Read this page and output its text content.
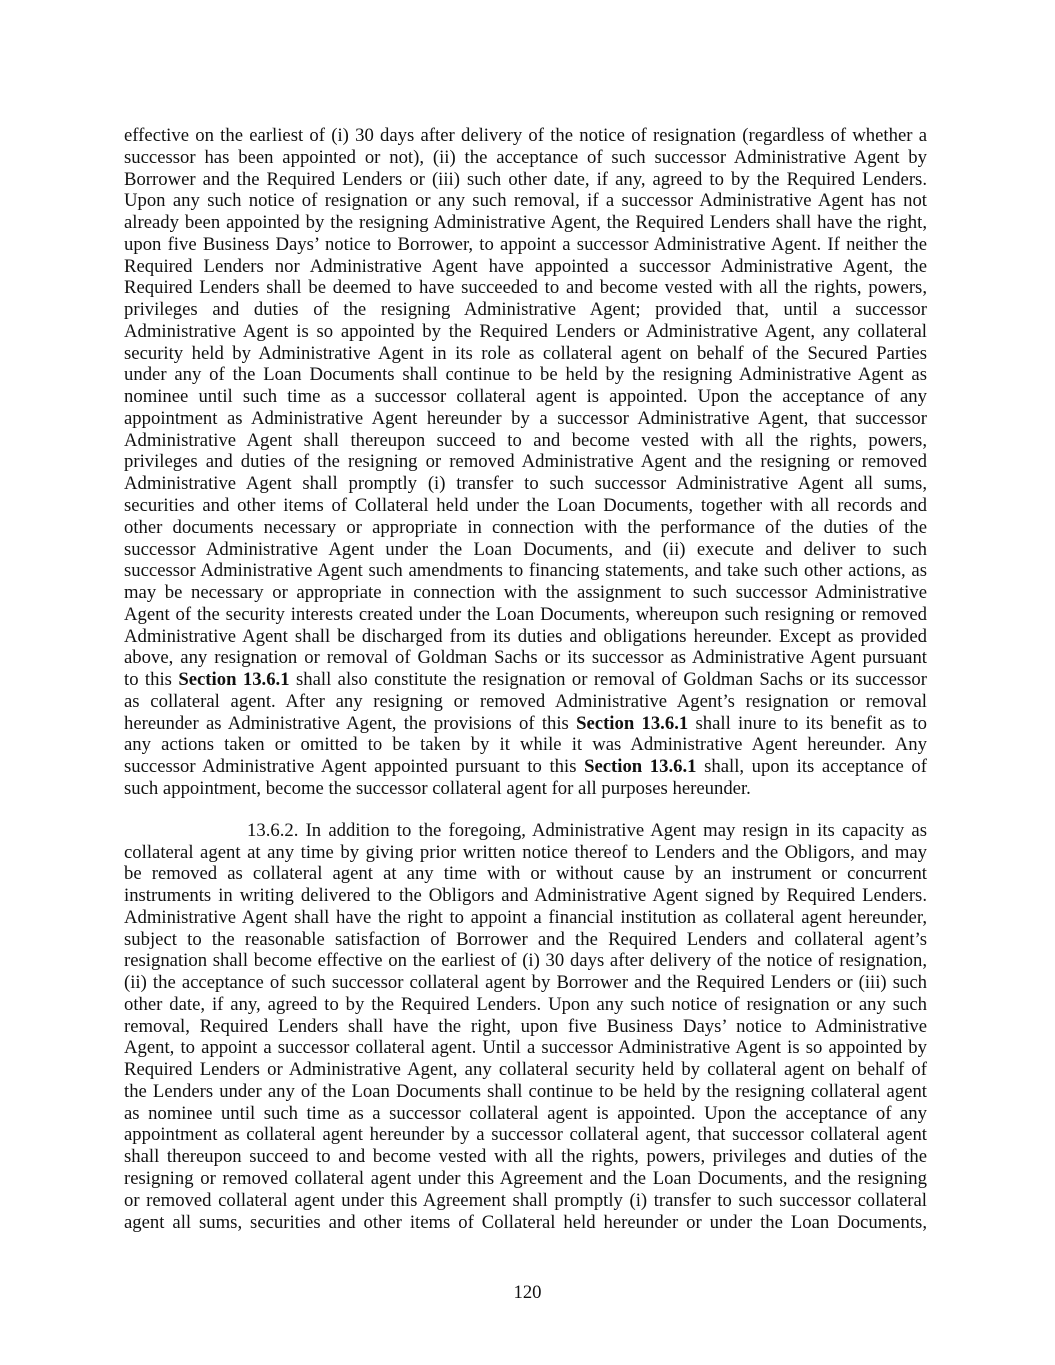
effective on the earliest of (i) 30 days after delivery of the notice of resignation (regardless of whether a
successor has been appointed or not), (ii) the acceptance of such successor Administrative Agent by
Borrower and the Required Lenders or (iii) such other date, if any, agreed to by the Required Lenders.
Upon any such notice of resignation or any such removal, if a successor Administrative Agent has not
already been appointed by the resigning Administrative Agent, the Required Lenders shall have the right,
upon five Business Days’ notice to Borrower, to appoint a successor Administrative Agent. If neither the
Required Lenders nor Administrative Agent have appointed a successor Administrative Agent, the
Required Lenders shall be deemed to have succeeded to and become vested with all the rights, powers,
privileges and duties of the resigning Administrative Agent; provided that, until a successor
Administrative Agent is so appointed by the Required Lenders or Administrative Agent, any collateral
security held by Administrative Agent in its role as collateral agent on behalf of the Secured Parties
under any of the Loan Documents shall continue to be held by the resigning Administrative Agent as
nominee until such time as a successor collateral agent is appointed. Upon the acceptance of any
appointment as Administrative Agent hereunder by a successor Administrative Agent, that successor
Administrative Agent shall thereupon succeed to and become vested with all the rights, powers,
privileges and duties of the resigning or removed Administrative Agent and the resigning or removed
Administrative Agent shall promptly (i) transfer to such successor Administrative Agent all sums,
securities and other items of Collateral held under the Loan Documents, together with all records and
other documents necessary or appropriate in connection with the performance of the duties of the
successor Administrative Agent under the Loan Documents, and (ii) execute and deliver to such
successor Administrative Agent such amendments to financing statements, and take such other actions, as
may be necessary or appropriate in connection with the assignment to such successor Administrative
Agent of the security interests created under the Loan Documents, whereupon such resigning or removed
Administrative Agent shall be discharged from its duties and obligations hereunder. Except as provided
above, any resignation or removal of Goldman Sachs or its successor as Administrative Agent pursuant
to this Section 13.6.1 shall also constitute the resignation or removal of Goldman Sachs or its successor
as collateral agent. After any resigning or removed Administrative Agent’s resignation or removal
hereunder as Administrative Agent, the provisions of this Section 13.6.1 shall inure to its benefit as to
any actions taken or omitted to be taken by it while it was Administrative Agent hereunder. Any
successor Administrative Agent appointed pursuant to this Section 13.6.1 shall, upon its acceptance of
such appointment, become the successor collateral agent for all purposes hereunder.
13.6.2. In addition to the foregoing, Administrative Agent may resign in its capacity as
collateral agent at any time by giving prior written notice thereof to Lenders and the Obligors, and may
be removed as collateral agent at any time with or without cause by an instrument or concurrent
instruments in writing delivered to the Obligors and Administrative Agent signed by Required Lenders.
Administrative Agent shall have the right to appoint a financial institution as collateral agent hereunder,
subject to the reasonable satisfaction of Borrower and the Required Lenders and collateral agent’s
resignation shall become effective on the earliest of (i) 30 days after delivery of the notice of resignation,
(ii) the acceptance of such successor collateral agent by Borrower and the Required Lenders or (iii) such
other date, if any, agreed to by the Required Lenders. Upon any such notice of resignation or any such
removal, Required Lenders shall have the right, upon five Business Days’ notice to Administrative
Agent, to appoint a successor collateral agent. Until a successor Administrative Agent is so appointed by
Required Lenders or Administrative Agent, any collateral security held by collateral agent on behalf of
the Lenders under any of the Loan Documents shall continue to be held by the resigning collateral agent
as nominee until such time as a successor collateral agent is appointed. Upon the acceptance of any
appointment as collateral agent hereunder by a successor collateral agent, that successor collateral agent
shall thereupon succeed to and become vested with all the rights, powers, privileges and duties of the
resigning or removed collateral agent under this Agreement and the Loan Documents, and the resigning
or removed collateral agent under this Agreement shall promptly (i) transfer to such successor collateral
agent all sums, securities and other items of Collateral held hereunder or under the Loan Documents,
120
